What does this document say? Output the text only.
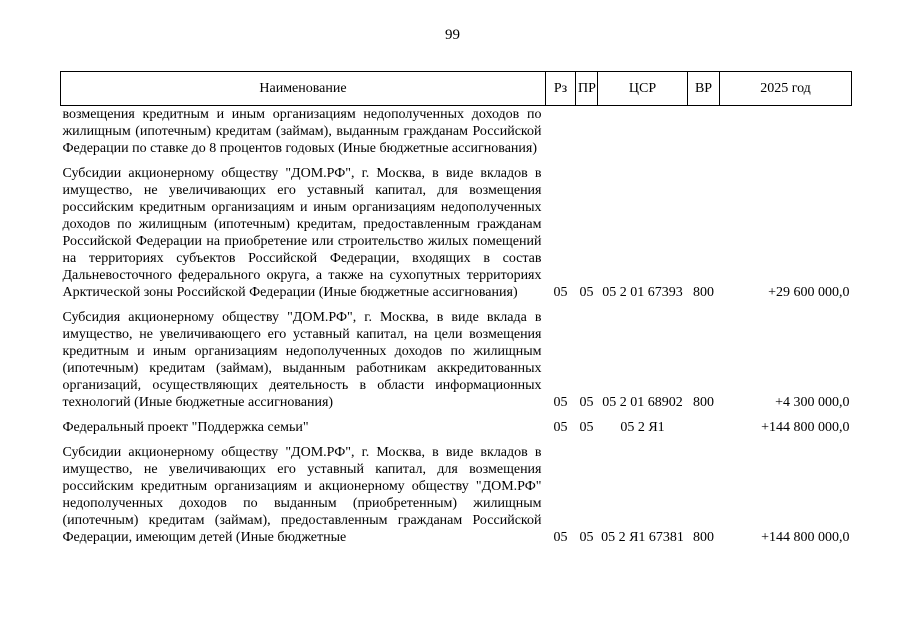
99
Наименование	Рз	ПР	ЦСР	ВР	2025 год
возмещения кредитным и иным организациям недополученных доходов по жилищным (ипотечным) кредитам (займам), выданным гражданам Российской Федерации по ставке до 8 процентов годовых (Иные бюджетные ассигнования)					
Субсидии акционерному обществу "ДОМ.РФ", г. Москва, в виде вкладов в имущество, не увеличивающих его уставный капитал, для возмещения российским кредитным организациям и иным организациям недополученных доходов по жилищным (ипотечным) кредитам, предоставленным гражданам Российской Федерации на приобретение или строительство жилых помещений на территориях субъектов Российской Федерации, входящих в состав Дальневосточного федерального округа, а также на сухопутных территориях Арктической зоны Российской Федерации (Иные бюджетные ассигнования)	05	05	05 2 01 67393	800	+29 600 000,0
Субсидия акционерному обществу "ДОМ.РФ", г. Москва, в виде вклада в имущество, не увеличивающего его уставный капитал, на цели возмещения кредитным и иным организациям недополученных доходов по жилищным (ипотечным) кредитам (займам), выданным работникам аккредитованных организаций, осуществляющих деятельность в области информационных технологий (Иные бюджетные ассигнования)	05	05	05 2 01 68902	800	+4 300 000,0
Федеральный проект "Поддержка семьи"	05	05	05 2 Я1		+144 800 000,0
Субсидии акционерному обществу "ДОМ.РФ", г. Москва, в виде вкладов в имущество, не увеличивающих его уставный капитал, для возмещения российским кредитным организациям и акционерному обществу "ДОМ.РФ" недополученных доходов по выданным (приобретенным) жилищным (ипотечным) кредитам (займам), предоставленным гражданам Российской Федерации, имеющим детей (Иные бюджетные	05	05	05 2 Я1 67381	800	+144 800 000,0
